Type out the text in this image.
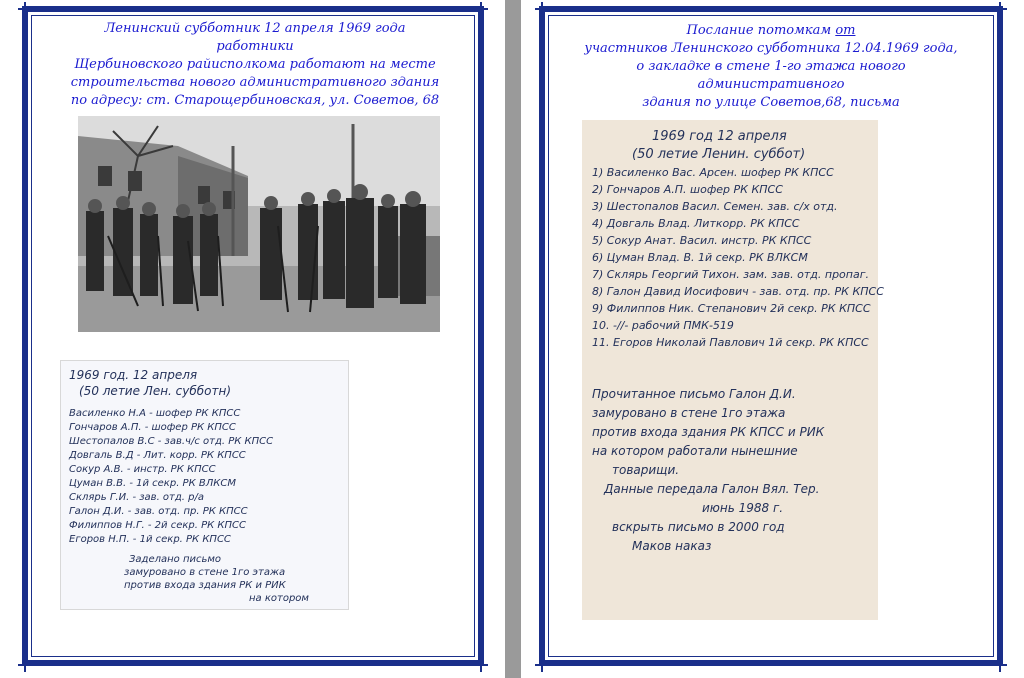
Ленинский субботник 12 апреля 1969 года работники
Щербиновского райисполкома работают на месте
строительства нового административного здания
по адресу: ст. Старощербиновская, ул. Советов, 68
1969 год. 12 апреля
(50 летие Лен. субботн)
Василенко Н.А - шофер РК КПСС
Гончаров А.П. - шофер РК КПСС
Шестопалов В.С - зав.ч/с отд. РК КПСС
Довгаль В.Д - Лит. корр. РК КПСС
Сокур А.В. - инстр. РК КПСС
Цуман В.В. - 1й секр. РК ВЛКСМ
Склярь Г.И. - зав. отд. р/а
Галон Д.И. - зав. отд. пр. РК КПСС
Филиппов Н.Г. - 2й секр. РК КПСС
Егоров Н.П. - 1й секр. РК КПСС
Заделано письмо
замуровано в стене 1го этажа
против входа здания РК и РИК
на котором
Послание потомкам от
участников Ленинского субботника 12.04.1969 года,
о закладке в стене 1-го этажа нового административного
здания по улице Советов,68, письма
1969 год 12 апреля
(50 летие Ленин. суббот)
1) Василенко Вас. Арсен. шофер РК КПСС
2) Гончаров А.П. шофер РК КПСС
3) Шестопалов Васил. Семен. зав. с/х отд.
4) Довгаль Влад. Литкорр. РК КПСС
5) Сокур Анат. Васил. инстр. РК КПСС
6) Цуман Влад. В. 1й секр. РК ВЛКСМ
7) Склярь Георгий Тихон. зам. зав. отд. пропаг.
8) Галон Давид Иосифович - зав. отд. пр. РК КПСС
9) Филиппов Ник. Степанович 2й секр. РК КПСС
10. -//- рабочий ПМК-519
11. Егоров Николай Павлович 1й секр. РК КПСС
Прочитанное письмо Галон Д.И.
замуровано в стене 1го этажа
против входа здания РК КПСС и РИК
на котором работали нынешние
товарищи.
Данные передала Галон Вял. Тер.
июнь 1988 г.
вскрыть письмо в 2000 год
Маков наказ
